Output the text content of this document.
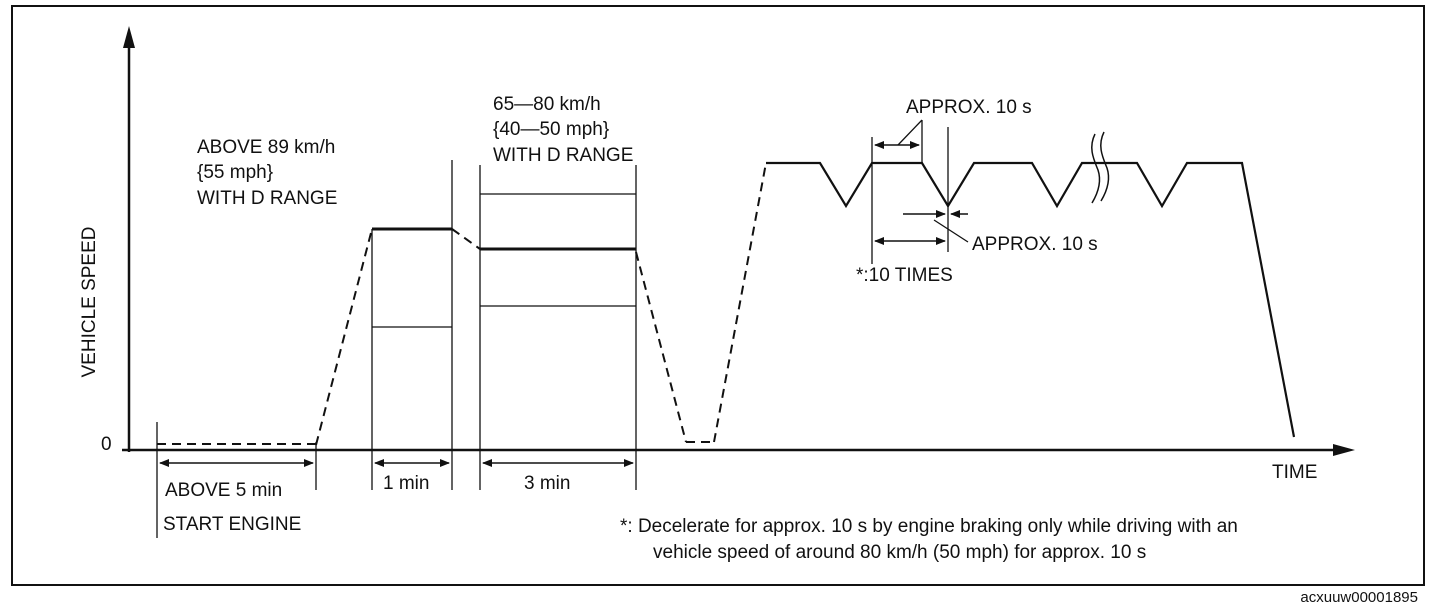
VEHICLE SPEED
0
TIME
ABOVE 5 min
START ENGINE
1 min
ABOVE 89 km/h
{55 mph}
WITH D RANGE
3 min
65—80 km/h
{40—50 mph}
WITH D RANGE
APPROX. 10 s
APPROX. 10 s
*:10 TIMES
*: Decelerate for approx. 10 s by engine braking only while driving with an
vehicle speed of around 80 km/h (50 mph) for approx. 10 s
acxuuw00001895
